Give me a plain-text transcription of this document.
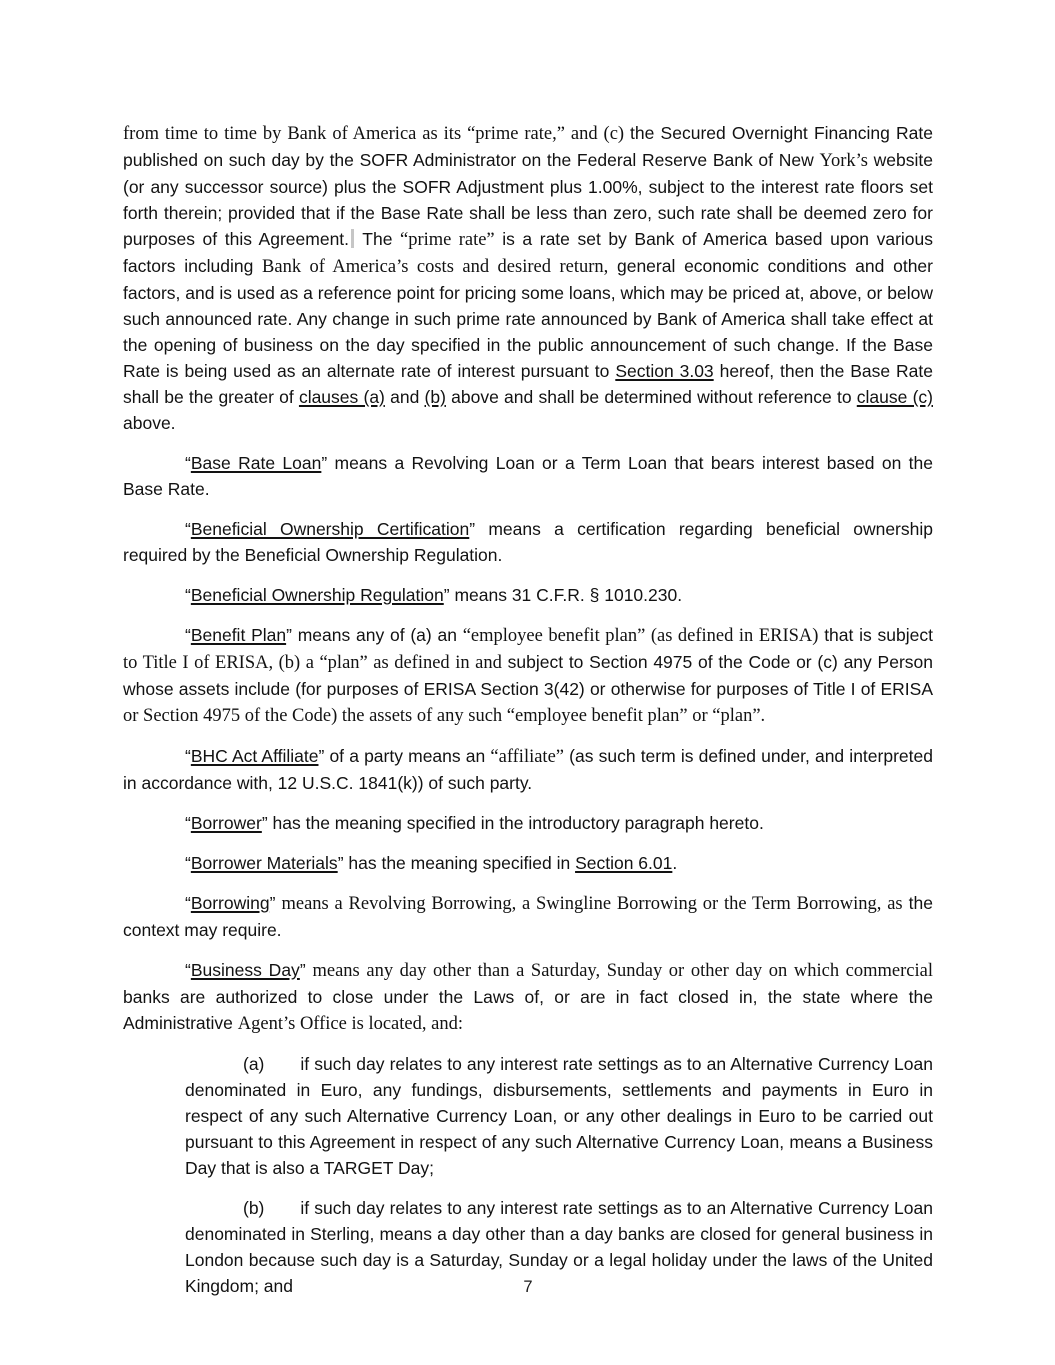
from time to time by Bank of America as its “prime rate,” and (c) the Secured Overnight Financing Rate published on such day by the SOFR Administrator on the Federal Reserve Bank of New York’s website (or any successor source) plus the SOFR Adjustment plus 1.00%, subject to the interest rate floors set forth therein; provided that if the Base Rate shall be less than zero, such rate shall be deemed zero for purposes of this Agreement. The “prime rate” is a rate set by Bank of America based upon various factors including Bank of America’s costs and desired return, general economic conditions and other factors, and is used as a reference point for pricing some loans, which may be priced at, above, or below such announced rate. Any change in such prime rate announced by Bank of America shall take effect at the opening of business on the day specified in the public announcement of such change. If the Base Rate is being used as an alternate rate of interest pursuant to Section 3.03 hereof, then the Base Rate shall be the greater of clauses (a) and (b) above and shall be determined without reference to clause (c) above.

“Base Rate Loan” means a Revolving Loan or a Term Loan that bears interest based on the Base Rate.

“Beneficial Ownership Certification” means a certification regarding beneficial ownership required by the Beneficial Ownership Regulation.

“Beneficial Ownership Regulation” means 31 C.F.R. § 1010.230.

“Benefit Plan” means any of (a) an “employee benefit plan” (as defined in ERISA) that is subject to Title I of ERISA, (b) a “plan” as defined in and subject to Section 4975 of the Code or (c) any Person whose assets include (for purposes of ERISA Section 3(42) or otherwise for purposes of Title I of ERISA or Section 4975 of the Code) the assets of any such “employee benefit plan” or “plan”.

“BHC Act Affiliate” of a party means an “affiliate” (as such term is defined under, and interpreted in accordance with, 12 U.S.C. 1841(k)) of such party.

“Borrower” has the meaning specified in the introductory paragraph hereto.

“Borrower Materials” has the meaning specified in Section 6.01.

“Borrowing” means a Revolving Borrowing, a Swingline Borrowing or the Term Borrowing, as the context may require.

“Business Day” means any day other than a Saturday, Sunday or other day on which commercial banks are authorized to close under the Laws of, or are in fact closed in, the state where the Administrative Agent’s Office is located, and:

(a) if such day relates to any interest rate settings as to an Alternative Currency Loan denominated in Euro, any fundings, disbursements, settlements and payments in Euro in respect of any such Alternative Currency Loan, or any other dealings in Euro to be carried out pursuant to this Agreement in respect of any such Alternative Currency Loan, means a Business Day that is also a TARGET Day;

(b) if such day relates to any interest rate settings as to an Alternative Currency Loan denominated in Sterling, means a day other than a day banks are closed for general business in London because such day is a Saturday, Sunday or a legal holiday under the laws of the United Kingdom; and	7
